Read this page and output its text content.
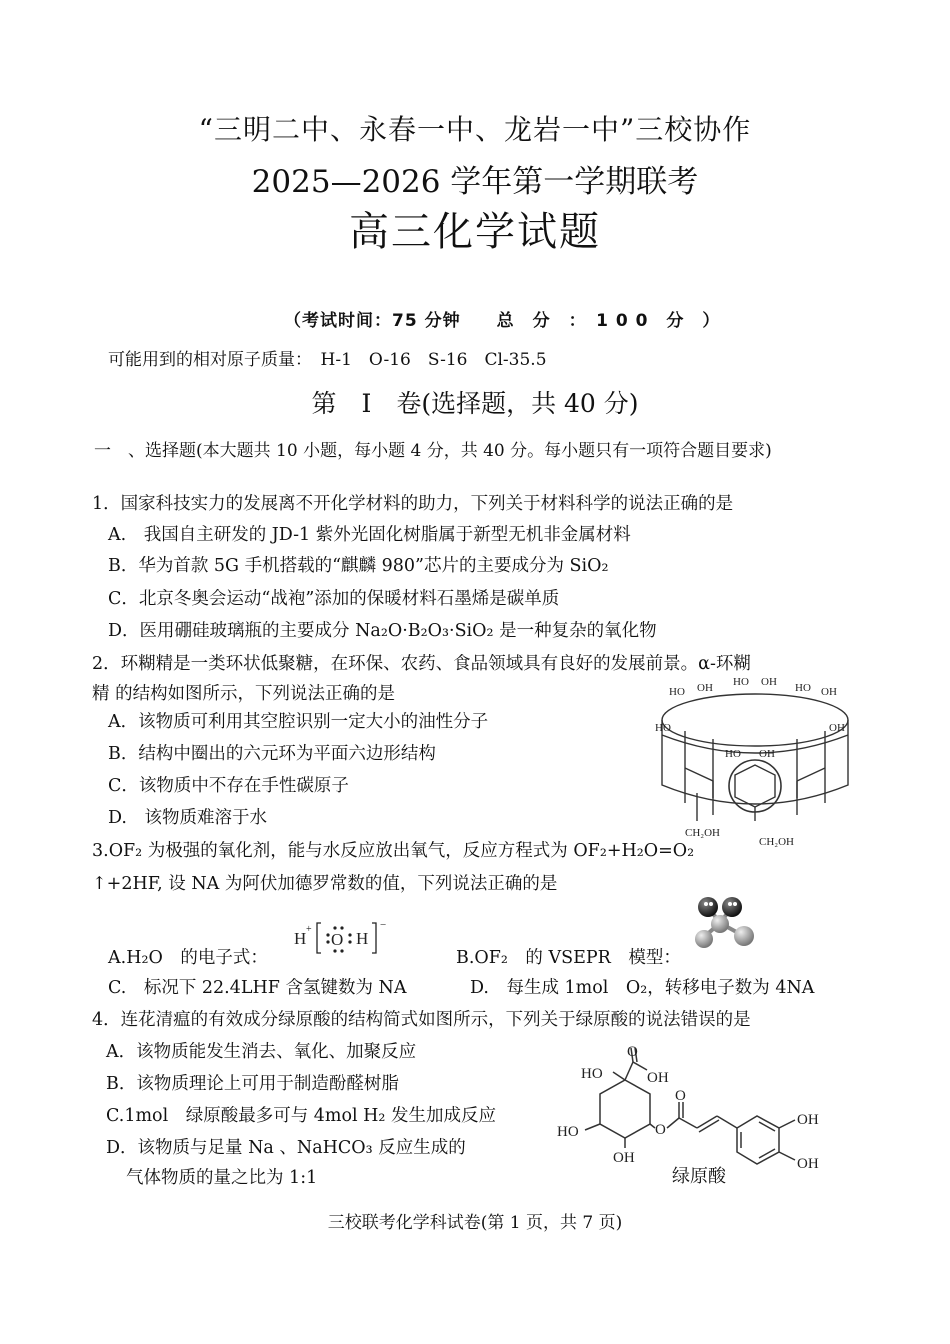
“三明二中、永春一中、龙岩一中”三校协作
2025—2026 学年第一学期联考
高三化学试题
（考试时间：75 分钟　　总　分　：　1 0 0　分　）
可能用到的相对原子质量：　H-1　O-16　S-16　Cl-35.5
第　I　卷(选择题，共 40 分)
一　、选择题(本大题共 10 小题，每小题 4 分，共 40 分。每小题只有一项符合题目要求)
1．国家科技实力的发展离不开化学材料的助力，下列关于材料科学的说法正确的是
A.　我国自主研发的 JD-1 紫外光固化树脂属于新型无机非金属材料
B．华为首款 5G 手机搭载的“麒麟 980”芯片的主要成分为 SiO₂
C．北京冬奥会运动“战袍”添加的保暖材料石墨烯是碳单质
D．医用硼硅玻璃瓶的主要成分 Na₂O·B₂O₃·SiO₂ 是一种复杂的氧化物
2．环糊精是一类环状低聚糖，在环保、农药、食品领域具有良好的发展前景。α-环糊
精 的结构如图所示，下列说法正确的是
A．该物质可利用其空腔识别一定大小的油性分子
B．结构中圈出的六元环为平面六边形结构
C．该物质中不存在手性碳原子
D.　该物质难溶于水
HO OH HO OH HO OH
HO	OH
HO OH
CH₂OH
CH₂OH
3.OF₂ 为极强的氧化剂，能与水反应放出氧气，反应方程式为 OF₂+H₂O=O₂
↑+2HF, 设 NA 为阿伏加德罗常数的值，下列说法正确的是
A.H₂O　的电子式：
H +
O H
−
B.OF₂　的 VSEPR　模型：
C.　标况下 22.4LHF 含氢键数为 NA	D.　每生成 1mol　O₂，转移电子数为 4NA
4．连花清瘟的有效成分绿原酸的结构简式如图所示，下列关于绿原酸的说法错误的是
A．该物质能发生消去、氧化、加聚反应
B．该物质理论上可用于制造酚醛树脂
C.1mol　绿原酸最多可与 4mol H₂ 发生加成反应
D．该物质与足量 Na 、NaHCO₃ 反应生成的
气体物质的量之比为 1:1
O
HO	OH
HO
OH
O
O
OH
OH
绿原酸
三校联考化学科试卷(第 1 页，共 7 页)
